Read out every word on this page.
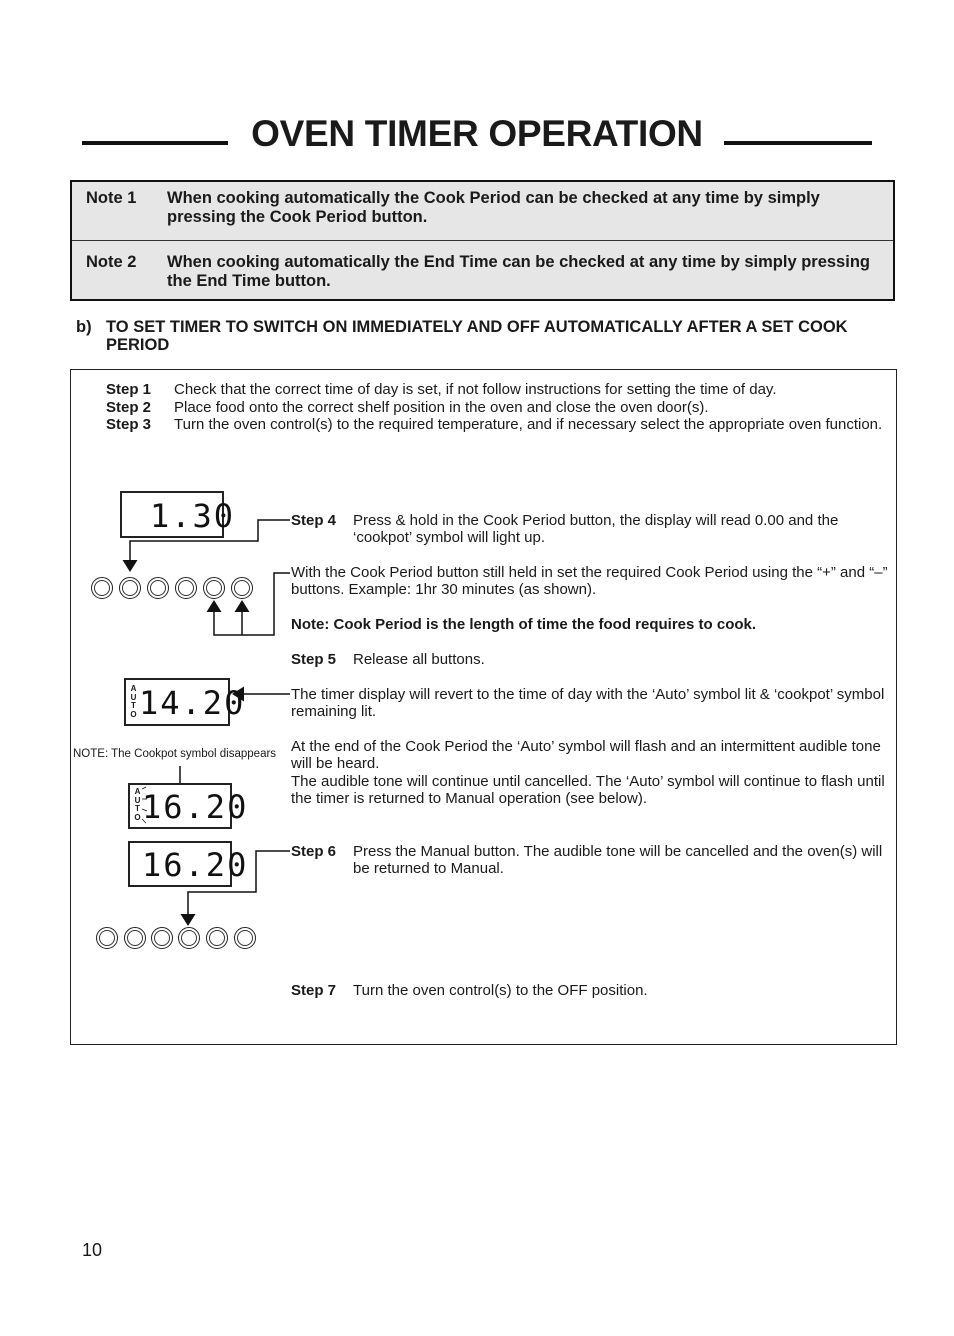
OVEN TIMER OPERATION
Note 1 When cooking automatically the Cook Period can be checked at any time by simply pressing the Cook Period button.
Note 2 When cooking automatically the End Time can be checked at any time by simply pressing the End Time button.
b) TO SET TIMER TO SWITCH ON IMMEDIATELY AND OFF AUTOMATICALLY AFTER A SET COOK PERIOD
Step 1 Check that the correct time of day is set, if not follow instructions for setting the time of day.
Step 2 Place food onto the correct shelf position in the oven and close the oven door(s).
Step 3 Turn the oven control(s) to the required temperature, and if necessary select the appropriate oven function.
1.30	Step 4 Press & hold in the Cook Period button, the display will read 0.00 and the ‘cookpot’ symbol will light up.
With the Cook Period button still held in set the required Cook Period using the “+” and “–” buttons. Example: 1hr 30 minutes (as shown).
Note: Cook Period is the length of time the food requires to cook.
Step 5 Release all buttons.
A
U
T
O 14.20	The timer display will revert to the time of day with the ‘Auto’ symbol lit & ‘cookpot’ symbol remaining lit.
NOTE: The Cookpot symbol disappears At the end of the Cook Period the ‘Auto’ symbol will flash and an intermittent audible tone will be heard.
The audible tone will continue until cancelled. The ‘Auto’ symbol will continue to flash until the timer is returned to Manual operation (see below).
A
U
T
O 16.20
16.20	Step 6 Press the Manual button. The audible tone will be cancelled and the oven(s) will be returned to Manual.
Step 7 Turn the oven control(s) to the OFF position.
10
